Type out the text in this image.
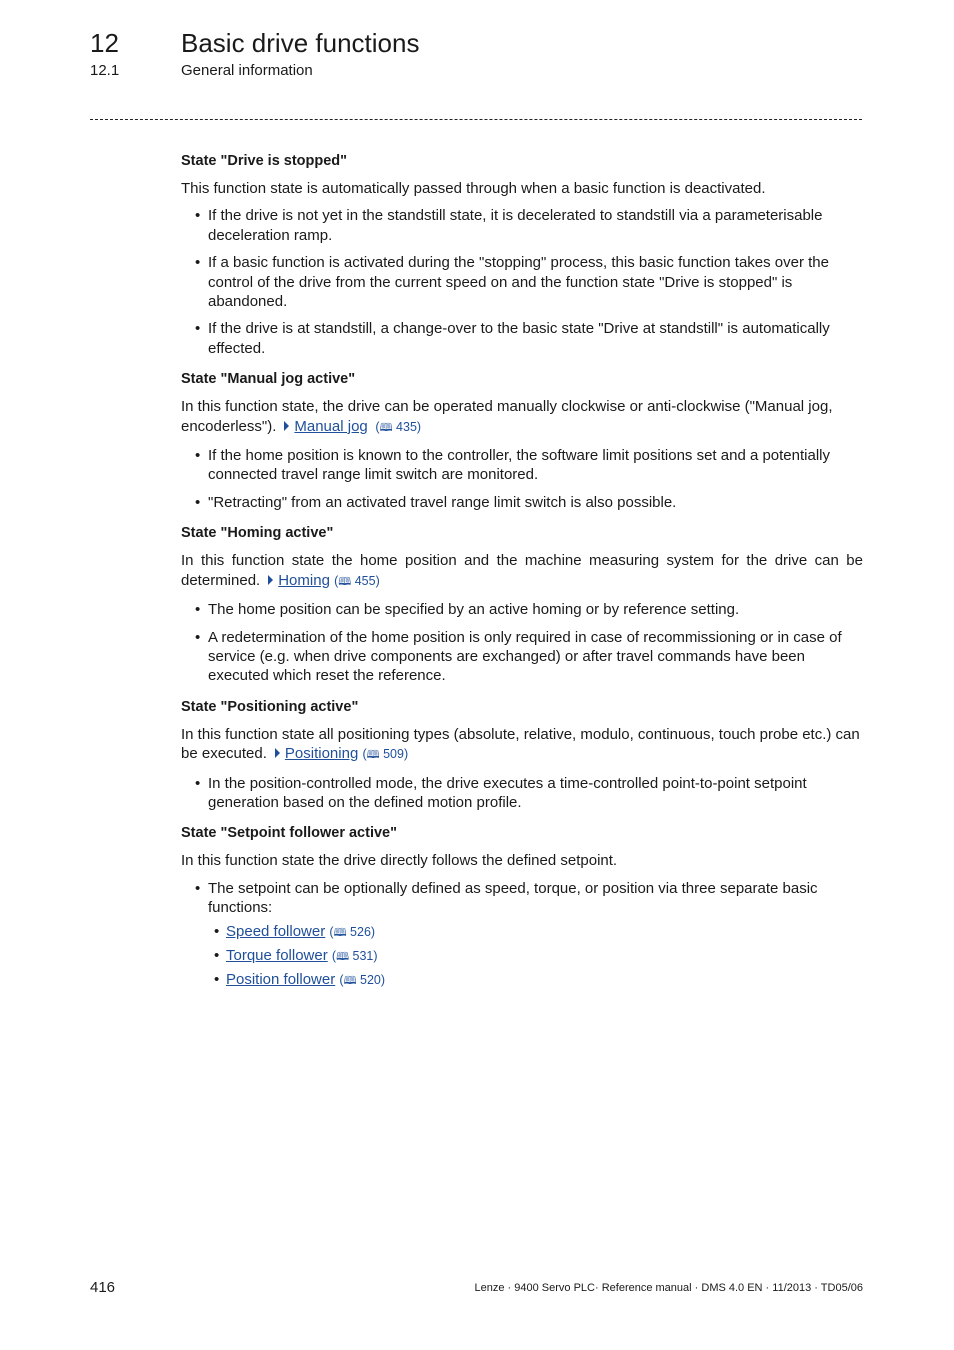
12 Basic drive functions
12.1	General information
State "Drive is stopped"

This function state is automatically passed through when a basic function is deactivated.

• If the drive is not yet in the standstill state, it is decelerated to standstill via a parameterisable deceleration ramp.
• If a basic function is activated during the "stopping" process, this basic function takes over the control of the drive from the current speed on and the function state "Drive is stopped" is abandoned.
• If the drive is at standstill, a change-over to the basic state "Drive at standstill" is automatically effected.
State "Manual jog active"

In this function state, the drive can be operated manually clockwise or anti-clockwise ("Manual jog, encoderless"). Manual jog  (🕮 435)

• If the home position is known to the controller, the software limit positions set and a potentially connected travel range limit switch are monitored.
• "Retracting" from an activated travel range limit switch is also possible.
State "Homing active"

In this function state the home position and the machine measuring system for the drive can be determined. Homing (🕮 455)

• The home position can be specified by an active homing or by reference setting.
• A redetermination of the home position is only required in case of recommissioning or in case of service (e.g. when drive components are exchanged) or after travel commands have been executed which reset the reference.
State "Positioning active"

In this function state all positioning types (absolute, relative, modulo, continuous, touch probe etc.) can be executed. Positioning (🕮 509)

• In the position-controlled mode, the drive executes a time-controlled point-to-point setpoint generation based on the defined motion profile.
State "Setpoint follower active"

In this function state the drive directly follows the defined setpoint.

• The setpoint can be optionally defined as speed, torque, or position via three separate basic functions:
• Speed follower (🕮 526)
• Torque follower (🕮 531)
• Position follower (🕮 520)
416	Lenze · 9400 Servo PLC· Reference manual · DMS 4.0 EN · 11/2013 · TD05/06
